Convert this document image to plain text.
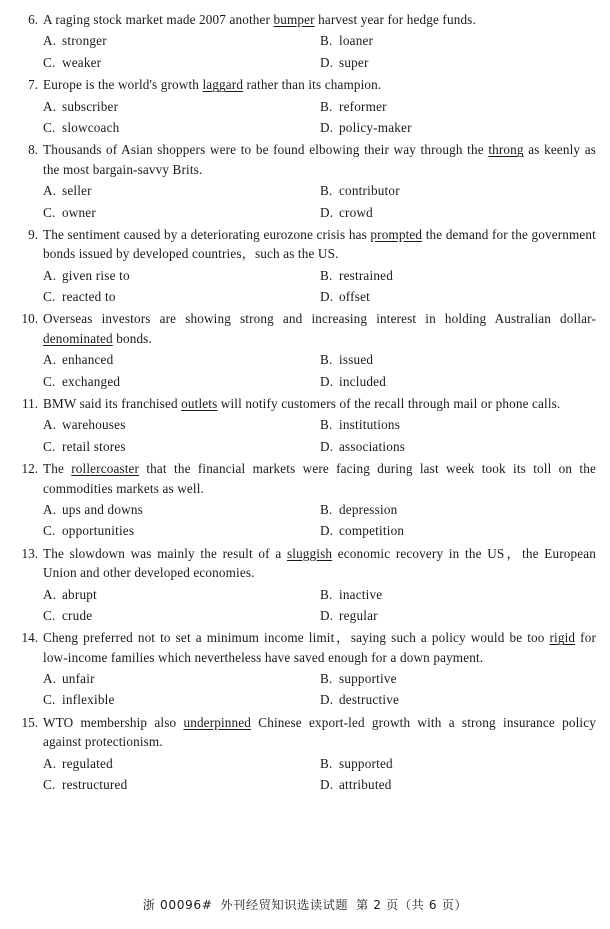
6. A raging stock market made 2007 another bumper harvest year for hedge funds.
A. stronger	B. loaner
C. weaker	D. super
7. Europe is the world's growth laggard rather than its champion.
A. subscriber	B. reformer
C. slowcoach	D. policy-maker
8. Thousands of Asian shoppers were to be found elbowing their way through the throng as keenly as the most bargain-savvy Brits.
A. seller	B. contributor
C. owner	D. crowd
9. The sentiment caused by a deteriorating eurozone crisis has prompted the demand for the government bonds issued by developed countries，such as the US.
A. given rise to	B. restrained
C. reacted to	D. offset
10. Overseas investors are showing strong and increasing interest in holding Australian dollar-denominated bonds.
A. enhanced	B. issued
C. exchanged	D. included
11. BMW said its franchised outlets will notify customers of the recall through mail or phone calls.
A. warehouses	B. institutions
C. retail stores	D. associations
12. The rollercoaster that the financial markets were facing during last week took its toll on the commodities markets as well.
A. ups and downs	B. depression
C. opportunities	D. competition
13. The slowdown was mainly the result of a sluggish economic recovery in the US，the European Union and other developed economies.
A. abrupt	B. inactive
C. crude	D. regular
14. Cheng preferred not to set a minimum income limit，saying such a policy would be too rigid for low-income families which nevertheless have saved enough for a down payment.
A. unfair	B. supportive
C. inflexible	D. destructive
15. WTO membership also underpinned Chinese export-led growth with a strong insurance policy against protectionism.
A. regulated	B. supported
C. restructured	D. attributed
浙 00096# 外刊经贸知识选读试题 第 2 页（共 6 页）
